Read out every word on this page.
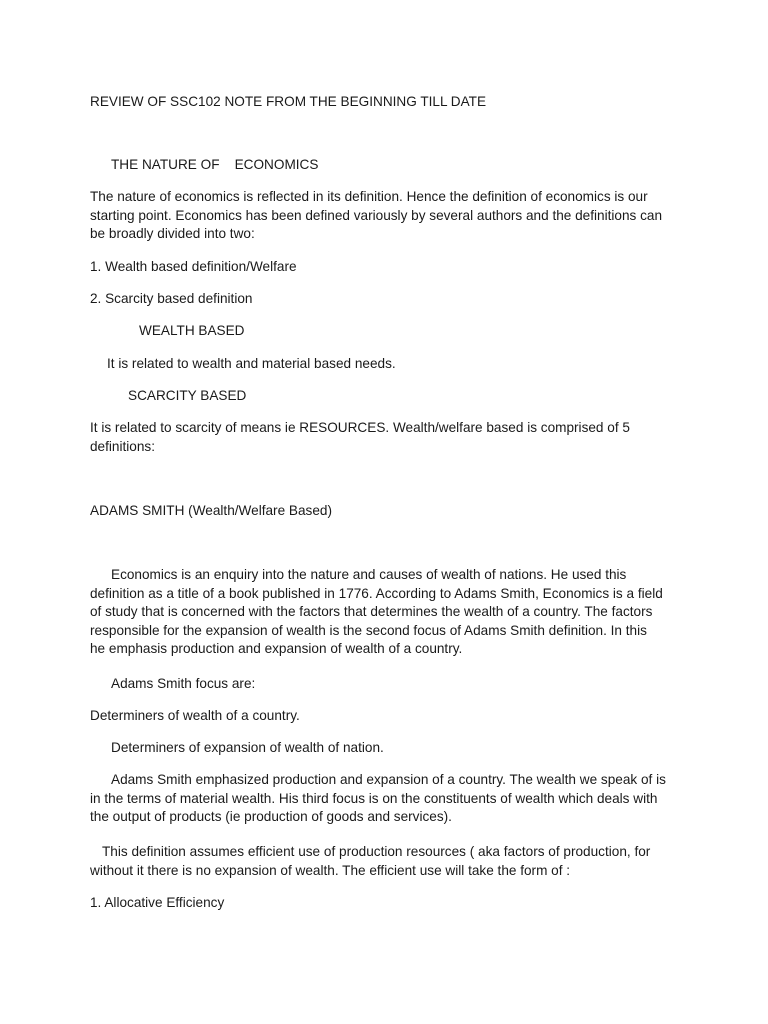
REVIEW OF SSC102 NOTE FROM THE BEGINNING TILL DATE

THE NATURE OF    ECONOMICS

The nature of economics is reflected in its definition. Hence the definition of economics is our
starting point. Economics has been defined variously by several authors and the definitions can
be broadly divided into two:

1. Wealth based definition/Welfare

2. Scarcity based definition

WEALTH BASED

It is related to wealth and material based needs.

SCARCITY BASED

It is related to scarcity of means ie RESOURCES. Wealth/welfare based is comprised of 5
definitions:

ADAMS SMITH (Wealth/Welfare Based)

Economics is an enquiry into the nature and causes of wealth of nations. He used this
definition as a title of a book published in 1776. According to Adams Smith, Economics is a field
of study that is concerned with the factors that determines the wealth of a country. The factors
responsible for the expansion of wealth is the second focus of Adams Smith definition. In this
he emphasis production and expansion of wealth of a country.

Adams Smith focus are:

Determiners of wealth of a country.

Determiners of expansion of wealth of nation.

Adams Smith emphasized production and expansion of a country. The wealth we speak of is
in the terms of material wealth. His third focus is on the constituents of wealth which deals with
the output of products (ie production of goods and services).
This definition assumes efficient use of production resources ( aka factors of production, for
without it there is no expansion of wealth. The efficient use will take the form of :

1. Allocative Efficiency
